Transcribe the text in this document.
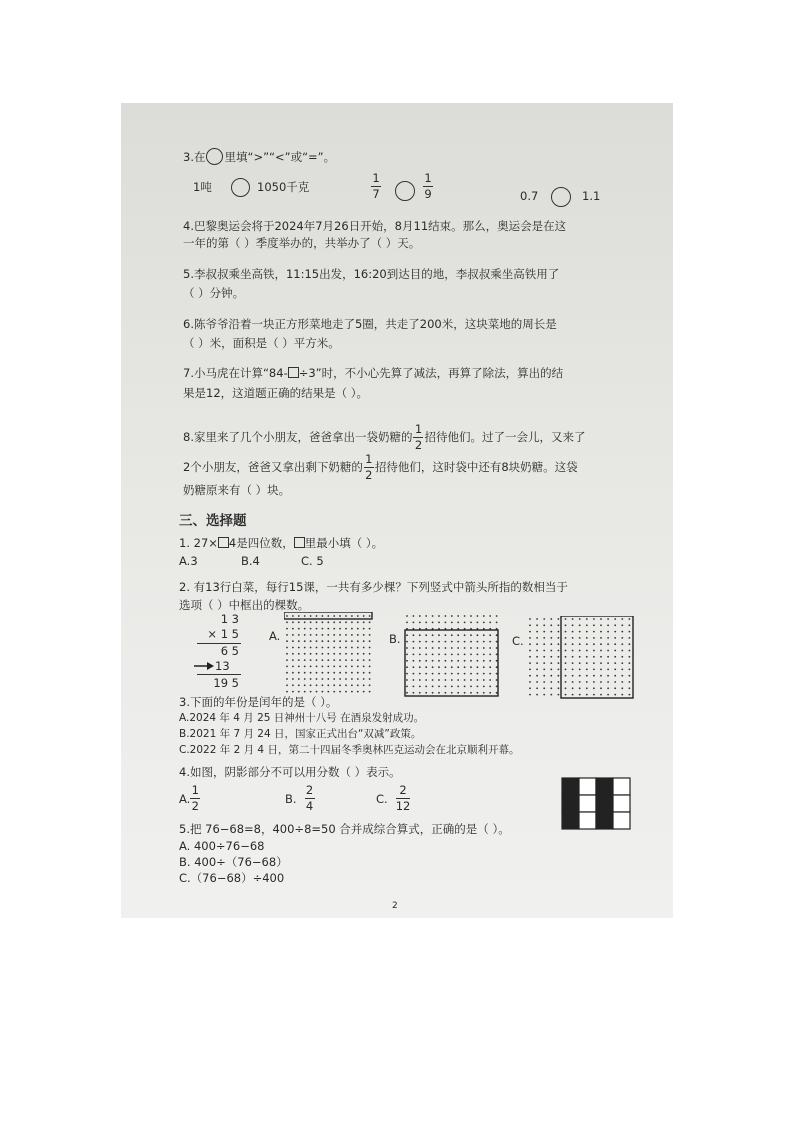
3.在 里填“>”“<”或“=”。
1吨	1050千克
1
7
1
9	0.7	1.1
4.巴黎奥运会将于2024年7月26日开始，8月11结束。那么，奥运会是在这
一年的第（ ）季度举办的，共举办了（ ）天。
5.李叔叔乘坐高铁，11:15出发，16:20到达目的地，李叔叔乘坐高铁用了
（ ）分钟。
6.陈爷爷沿着一块正方形菜地走了5圈，共走了200米，这块菜地的周长是
（ ）米，面积是（ ）平方米。
7.小马虎在计算“84- ÷3”时，不小心先算了减法，再算了除法，算出的结
果是12，这道题正确的结果是（ ）。
8.家里来了几个小朋友，爸爸拿出一袋奶糖的 $\frac{1}{2}$ 招待他们。过了一会儿，又来了
2个小朋友，爸爸又拿出剩下奶糖的 $\frac{1}{2}$ 招待他们，这时袋中还有8块奶糖。这袋
奶糖原来有（ ）块。
三、选择题
1. 27× 4是四位数， 里最小填（ ）。
A.3	B.4	C. 5
2. 有13行白菜，每行15课，一共有多少棵？下列竖式中箭头所指的数相当于
选项（ ）中框出的棵数。
1 3
× 1 5
6 5
13
19 5
A.	B.	C.
3.下面的年份是闰年的是（ ）。
A.2024 年 4 月 25 日神州十八号 在酒泉发射成功。
B.2021 年 7 月 24 日，国家正式出台“双减”政策。
C.2022 年 2 月 4 日，第二十四届冬季奥林匹克运动会在北京顺利开幕。
4.如图，阴影部分不可以用分数（ ）表示。
A. $\frac{1}{2}$	B. $\frac{2}{4}$	C. $\frac{2}{12}$
5.把 76−68=8，400÷8=50 合并成综合算式，正确的是（ ）。
A. 400÷76−68
B. 400÷（76−68）
C.（76−68）÷400
2
